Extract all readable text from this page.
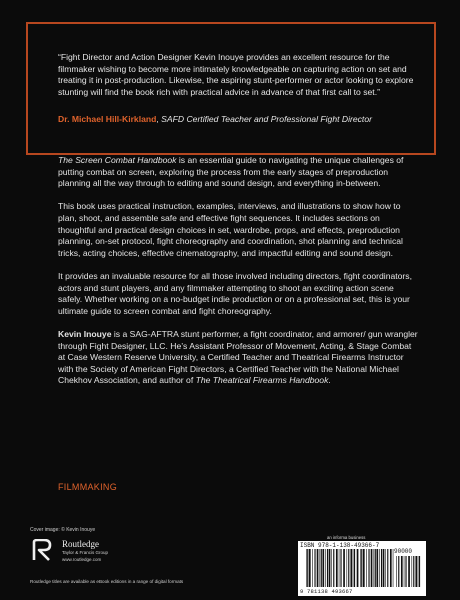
“Fight Director and Action Designer Kevin Inouye provides an excellent resource for the filmmaker wishing to become more intimately knowledgeable on capturing action on set and treating it in post-production. Likewise, the aspiring stunt-performer or actor looking to explore stunting will find the book rich with practical advice in advance of that first call to set.”

Dr. Michael Hill-Kirkland, SAFD Certified Teacher and Professional Fight Director

The Screen Combat Handbook is an essential guide to navigating the unique challenges of putting combat on screen, exploring the process from the early stages of preproduction planning all the way through to editing and sound design, and everything in-between.

This book uses practical instruction, examples, interviews, and illustrations to show how to plan, shoot, and assemble safe and effective fight sequences. It includes sections on thoughtful and practical design choices in set, wardrobe, props, and effects, preproduction planning, on-set protocol, fight choreography and coordination, shot planning and technical tricks, acting choices, effective cinematography, and impactful editing and sound design.

It provides an invaluable resource for all those involved including directors, fight coordinators, actors and stunt players, and any filmmaker attempting to shoot an exciting action scene safely. Whether working on a no-budget indie production or on a professional set, this is your ultimate guide to screen combat and fight choreography.

Kevin Inouye is a SAG-AFTRA stunt performer, a fight coordinator, and armorer/ gun wrangler through Fight Designer, LLC. He’s Assistant Professor of Movement, Acting, & Stage Combat at Case Western Reserve University, a Certified Teacher and Theatrical Firearms Instructor with the Society of American Fight Directors, a Certified Teacher with the National Michael Chekhov Association, and author of The Theatrical Firearms Handbook.

FILMMAKING
Cover image: © Kevin Inouye
Routledge
Taylor & Francis Group
www.routledge.com
Routledge titles are available as eBook editions in a range of digital formats
an informa business
ISBN 978-1-138-49366-7
90000
9 781138 493667
